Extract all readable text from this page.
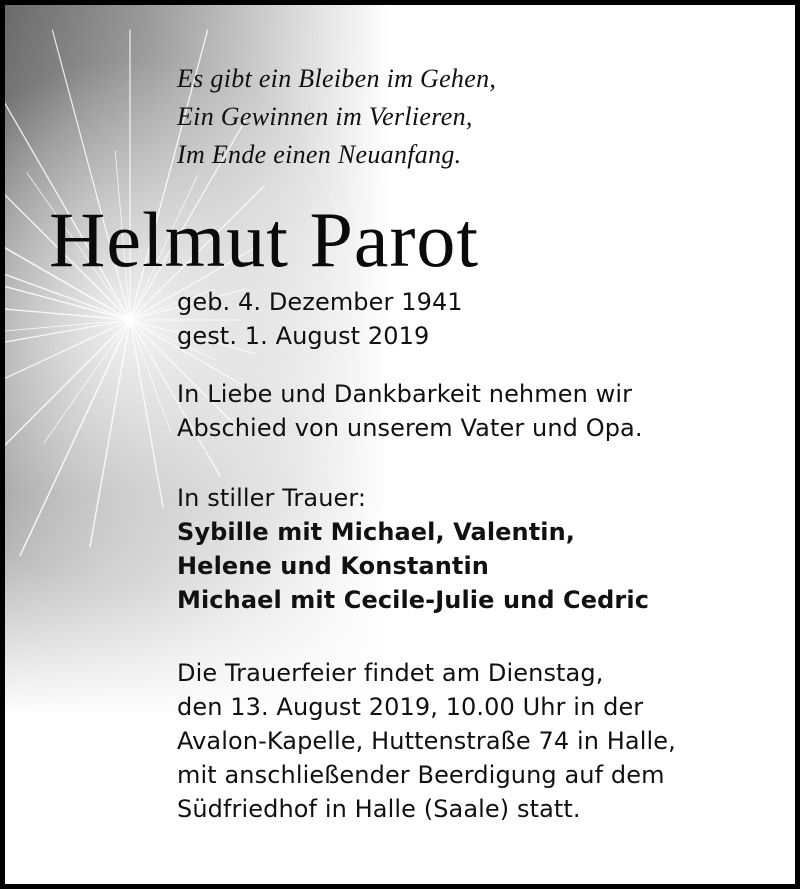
Es gibt ein Bleiben im Gehen,
Ein Gewinnen im Verlieren,
Im Ende einen Neuanfang.
Helmut Parot
geb. 4. Dezember 1941
gest. 1. August 2019
In Liebe und Dankbarkeit nehmen wir
Abschied von unserem Vater und Opa.
In stiller Trauer:
Sybille mit Michael, Valentin,
Helene und Konstantin
Michael mit Cecile-Julie und Cedric
Die Trauerfeier findet am Dienstag,
den 13. August 2019, 10.00 Uhr in der
Avalon-Kapelle, Huttenstraße 74 in Halle,
mit anschließender Beerdigung auf dem
Südfriedhof in Halle (Saale) statt.
